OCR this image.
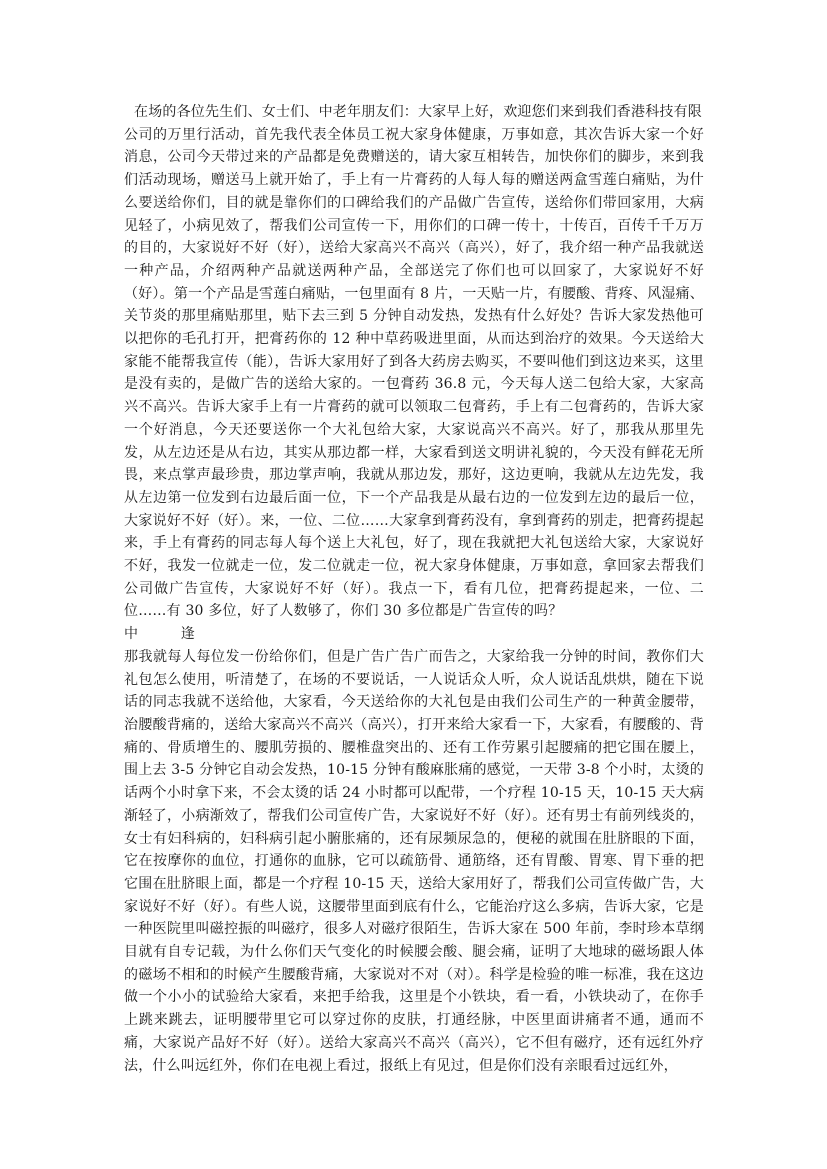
在场的各位先生们、女士们、中老年朋友们：大家早上好，欢迎您们来到我们香港科技有限

公司的万里行活动，首先我代表全体员工祝大家身体健康，万事如意，其次告诉大家一个好消息，公司今天带过来的产品都是免费赠送的，请大家互相转告，加快你们的脚步，来到我们活动现场，赠送马上就开始了，手上有一片膏药的人每人每的赠送两盒雪莲白痛贴，为什么要送给你们，目的就是靠你们的口碑给我们的产品做广告宣传，送给你们带回家用，大病见轻了，小病见效了，帮我们公司宣传一下，用你们的口碑一传十，十传百，百传千千万万的目的，大家说好不好（好），送给大家高兴不高兴（高兴），好了，我介绍一种产品我就送一种产品，介绍两种产品就送两种产品，全部送完了你们也可以回家了，大家说好不好（好）。第一个产品是雪莲白痛贴，一包里面有 8 片，一天贴一片，有腰酸、背疼、风湿痛、关节炎的那里痛贴那里，贴下去三到 5 分钟自动发热，发热有什么好处？告诉大家发热他可以把你的毛孔打开，把膏药你的 12 种中草药吸进里面，从而达到治疗的效果。今天送给大家能不能帮我宣传（能），告诉大家用好了到各大药房去购买，不要叫他们到这边来买，这里是没有卖的，是做广告的送给大家的。一包膏药 36.8 元，今天每人送二包给大家，大家高兴不高兴。告诉大家手上有一片膏药的就可以领取二包膏药，手上有二包膏药的，告诉大家一个好消息，今天还要送你一个大礼包给大家，大家说高兴不高兴。好了，那我从那里先发，从左边还是从右边，其实从那边都一样，大家看到送文明讲礼貌的，今天没有鲜花无所畏，来点掌声最珍贵，那边掌声响，我就从那边发，那好，这边更响，我就从左边先发，我从左边第一位发到右边最后面一位，下一个产品我是从最右边的一位发到左边的最后一位，大家说好不好（好）。来，一位、二位……大家拿到膏药没有，拿到膏药的别走，把膏药提起来，手上有膏药的同志每人每个送上大礼包，好了，现在我就把大礼包送给大家，大家说好不好，我发一位就走一位，发二位就走一位，祝大家身体健康，万事如意，拿回家去帮我们公司做广告宣传，大家说好不好（好）。我点一下，看有几位，把膏药提起来，一位、二位……有 30 多位，好了人数够了，你们 30 多位都是广告宣传的吗？

中　　　逢

那我就每人每位发一份给你们，但是广告广告广而告之，大家给我一分钟的时间，教你们大礼包怎么使用，听清楚了，在场的不要说话，一人说话众人听，众人说话乱烘烘，随在下说话的同志我就不送给他，大家看，今天送给你的大礼包是由我们公司生产的一种黄金腰带，治腰酸背痛的，送给大家高兴不高兴（高兴），打开来给大家看一下，大家看，有腰酸的、背痛的、骨质增生的、腰肌劳损的、腰椎盘突出的、还有工作劳累引起腰痛的把它围在腰上，围上去 3-5 分钟它自动会发热，10-15 分钟有酸麻胀痛的感觉，一天带 3-8 个小时，太烫的话两个小时拿下来，不会太烫的话 24 小时都可以配带，一个疗程 10-15 天，10-15 天大病渐轻了，小病渐效了，帮我们公司宣传广告，大家说好不好（好）。还有男士有前列线炎的，女士有妇科病的，妇科病引起小腑胀痛的，还有尿频尿急的，便秘的就围在肚脐眼的下面，它在按摩你的血位，打通你的血脉，它可以疏筋骨、通筋络，还有胃酸、胃寒、胃下垂的把它围在肚脐眼上面，都是一个疗程 10-15 天，送给大家用好了，帮我们公司宣传做广告，大家说好不好（好）。有些人说，这腰带里面到底有什么，它能治疗这么多病，告诉大家，它是一种医院里叫磁控振的叫磁疗，很多人对磁疗很陌生，告诉大家在 500 年前，李时珍本草纲目就有自专记载，为什么你们天气变化的时候腰会酸、腿会痛，证明了大地球的磁场跟人体的磁场不相和的时候产生腰酸背痛，大家说对不对（对）。科学是检验的唯一标准，我在这边做一个小小的试验给大家看，来把手给我，这里是个小铁块，看一看，小铁块动了，在你手上跳来跳去，证明腰带里它可以穿过你的皮肤，打通经脉，中医里面讲痛者不通，通而不痛，大家说产品好不好（好）。送给大家高兴不高兴（高兴），它不但有磁疗，还有远红外疗法，什么叫远红外，你们在电视上看过，报纸上有见过，但是你们没有亲眼看过远红外，
